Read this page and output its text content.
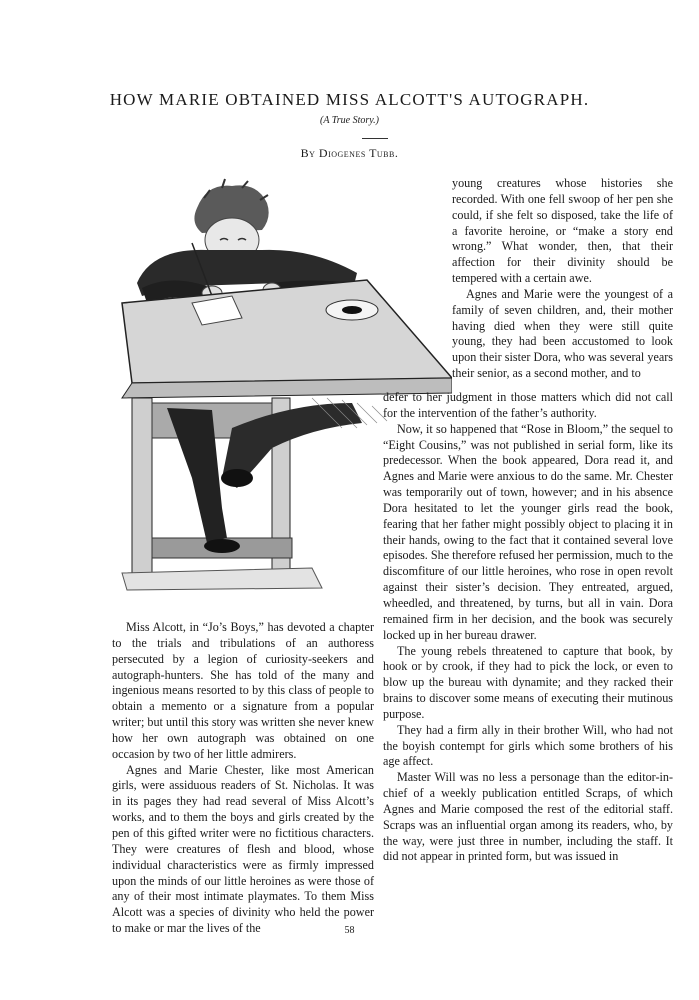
HOW MARIE OBTAINED MISS ALCOTT'S AUTOGRAPH.
(A True Story.)
By Diogenes Tubb.

young creatures whose histories she recorded. With one fell swoop of her pen she could, if she felt so disposed, take the life of a favorite heroine, or “make a story end wrong.” What wonder, then, that their affection for their divinity should be tempered with a certain awe.

Agnes and Marie were the youngest of a family of seven children, and, their mother having died when they were still quite young, they had been accustomed to look upon their sister Dora, who was several years their senior, as a second mother, and to

defer to her judgment in those matters which did not call for the intervention of the father’s authority.

Now, it so happened that “Rose in Bloom,” the sequel to “Eight Cousins,” was not published in serial form, like its predecessor. When the book appeared, Dora read it, and Agnes and Marie were anxious to do the same. Mr. Chester was temporarily out of town, however; and in his absence Dora hesitated to let the younger girls read the book, fearing that her father might possibly object to placing it in their hands, owing to the fact that it contained several love episodes. She therefore refused her permission, much to the discomfiture of our little heroines, who rose in open revolt against their sister’s decision. They entreated, argued, wheedled, and threatened, by turns, but all in vain. Dora remained firm in her decision, and the book was securely locked up in her bureau drawer.

The young rebels threatened to capture that book, by hook or by crook, if they had to pick the lock, or even to blow up the bureau with dynamite; and they racked their brains to discover some means of executing their mutinous purpose.

They had a firm ally in their brother Will, who had not the boyish contempt for girls which some brothers of his age affect.

Master Will was no less a personage than the editor-in-chief of a weekly publication entitled Scraps, of which Agnes and Marie composed the rest of the editorial staff. Scraps was an influential organ among its readers, who, by the way, were just three in number, including the staff. It did not appear in printed form, but was issued in

Miss Alcott, in “Jo’s Boys,” has devoted a chapter to the trials and tribulations of an authoress persecuted by a legion of curiosity-seekers and autograph-hunters. She has told of the many and ingenious means resorted to by this class of people to obtain a memento or a signature from a popular writer; but until this story was written she never knew how her own autograph was obtained on one occasion by two of her little admirers.

Agnes and Marie Chester, like most American girls, were assiduous readers of St. Nicholas. It was in its pages they had read several of Miss Alcott’s works, and to them the boys and girls created by the pen of this gifted writer were no fictitious characters. They were creatures of flesh and blood, whose individual characteristics were as firmly impressed upon the minds of our little heroines as were those of any of their most intimate playmates. To them Miss Alcott was a species of divinity who held the power to make or mar the lives of the	58
